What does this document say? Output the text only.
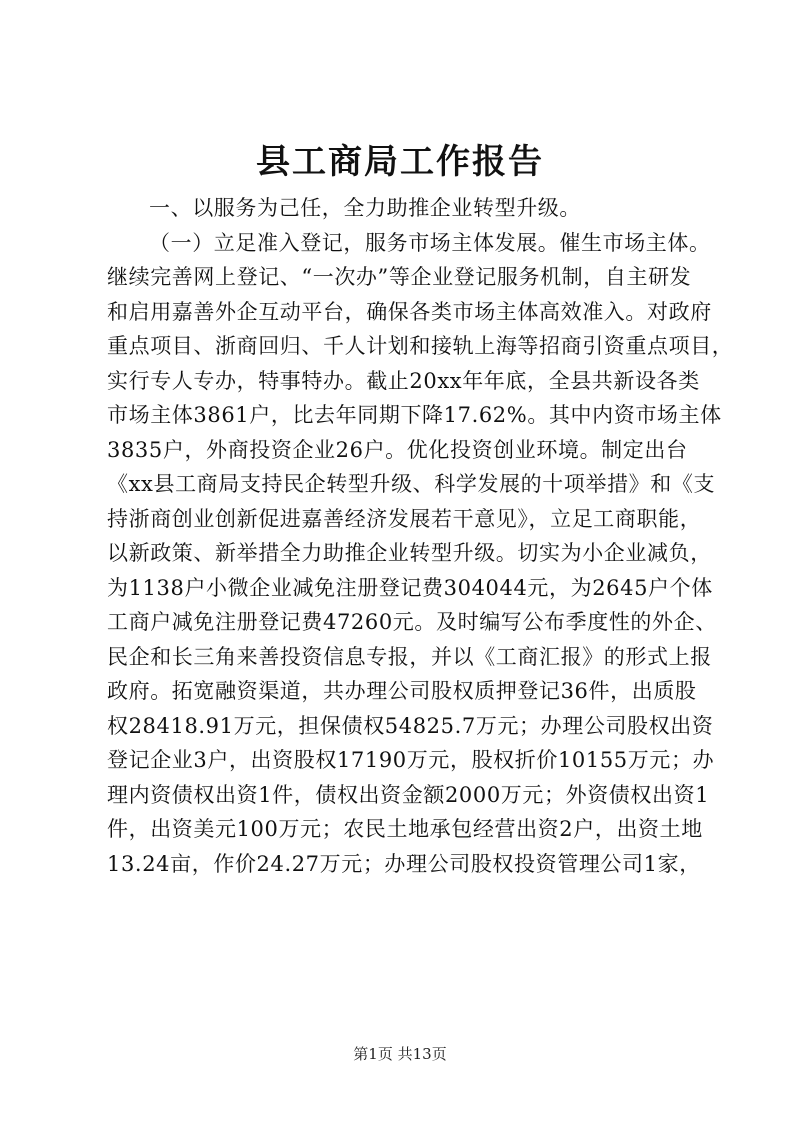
县工商局工作报告
一、以服务为己任，全力助推企业转型升级。
（一）立足准入登记，服务市场主体发展。催生市场主体。
继续完善网上登记、“一次办”等企业登记服务机制，自主研发
和启用嘉善外企互动平台，确保各类市场主体高效准入。对政府
重点项目、浙商回归、千人计划和接轨上海等招商引资重点项目，
实行专人专办，特事特办。截止20xx年年底，全县共新设各类
市场主体3861户，比去年同期下降17.62%。其中内资市场主体
3835户，外商投资企业26户。优化投资创业环境。制定出台
《xx县工商局支持民企转型升级、科学发展的十项举措》和《支
持浙商创业创新促进嘉善经济发展若干意见》，立足工商职能，
以新政策、新举措全力助推企业转型升级。切实为小企业减负，
为1138户小微企业减免注册登记费304044元，为2645户个体
工商户减免注册登记费47260元。及时编写公布季度性的外企、
民企和长三角来善投资信息专报，并以《工商汇报》的形式上报
政府。拓宽融资渠道，共办理公司股权质押登记36件，出质股
权28418.91万元，担保债权54825.7万元；办理公司股权出资
登记企业3户，出资股权17190万元，股权折价10155万元；办
理内资债权出资1件，债权出资金额2000万元；外资债权出资1
件，出资美元100万元；农民土地承包经营出资2户，出资土地
13.24亩，作价24.27万元；办理公司股权投资管理公司1家，
第1页 共13页
